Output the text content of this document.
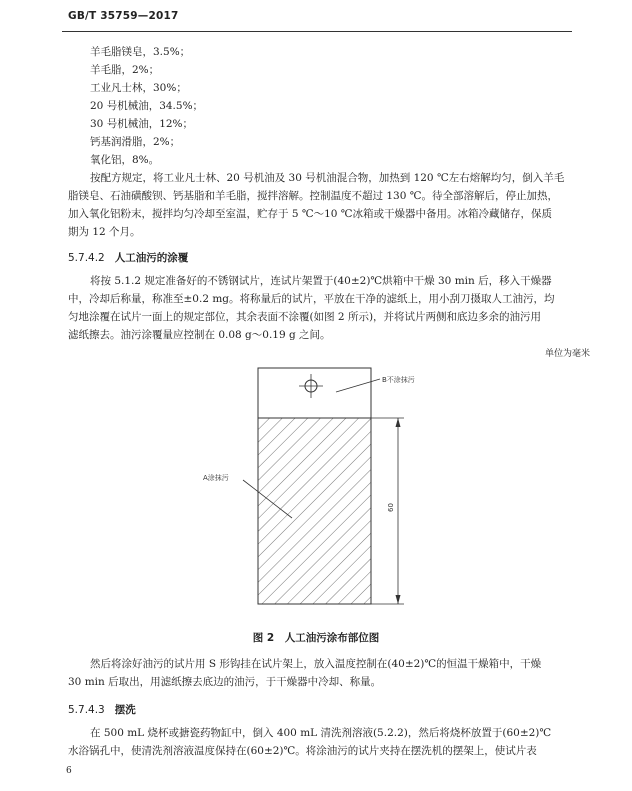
GB/T 35759—2017
羊毛脂镁皂，3.5%；
羊毛脂，2%；
工业凡士林，30%；
20 号机械油，34.5%；
30 号机械油，12%；
钙基润滑脂，2%；
氧化铝，8%。
按配方规定，将工业凡士林、20 号机油及 30 号机油混合物，加热到 120 ℃左右熔解均匀，倒入羊毛
脂镁皂、石油磺酸钡、钙基脂和羊毛脂，搅拌溶解。控制温度不超过 130 ℃。待全部溶解后，停止加热，
加入氧化铝粉末，搅拌均匀冷却至室温，贮存于 5 ℃～10 ℃冰箱或干燥器中备用。冰箱冷藏储存，保质
期为 12 个月。
5.7.4.2 人工油污的涂覆
将按 5.1.2 规定准备好的不锈钢试片，连试片架置于(40±2)℃烘箱中干燥 30 min 后，移入干燥器
中，冷却后称量，称准至±0.2 mg。将称量后的试片，平放在干净的滤纸上，用小刮刀摄取人工油污，均
匀地涂覆在试片一面上的规定部位，其余表面不涂覆(如图 2 所示)，并将试片两侧和底边多余的油污用
滤纸擦去。油污涂覆量应控制在 0.08 g～0.19 g 之间。
单位为毫米
B不涂抹污
A涂抹污
60
图 2　人工油污涂布部位图
然后将涂好油污的试片用 S 形钩挂在试片架上，放入温度控制在(40±2)℃的恒温干燥箱中，干燥
30 min 后取出，用滤纸擦去底边的油污，于干燥器中冷却、称量。
5.7.4.3 摆洗
在 500 mL 烧杯或搪瓷药物缸中，倒入 400 mL 清洗剂溶液(5.2.2)，然后将烧杯放置于(60±2)℃
水浴锅孔中，使清洗剂溶液温度保持在(60±2)℃。将涂油污的试片夹持在摆洗机的摆架上，使试片表
6
